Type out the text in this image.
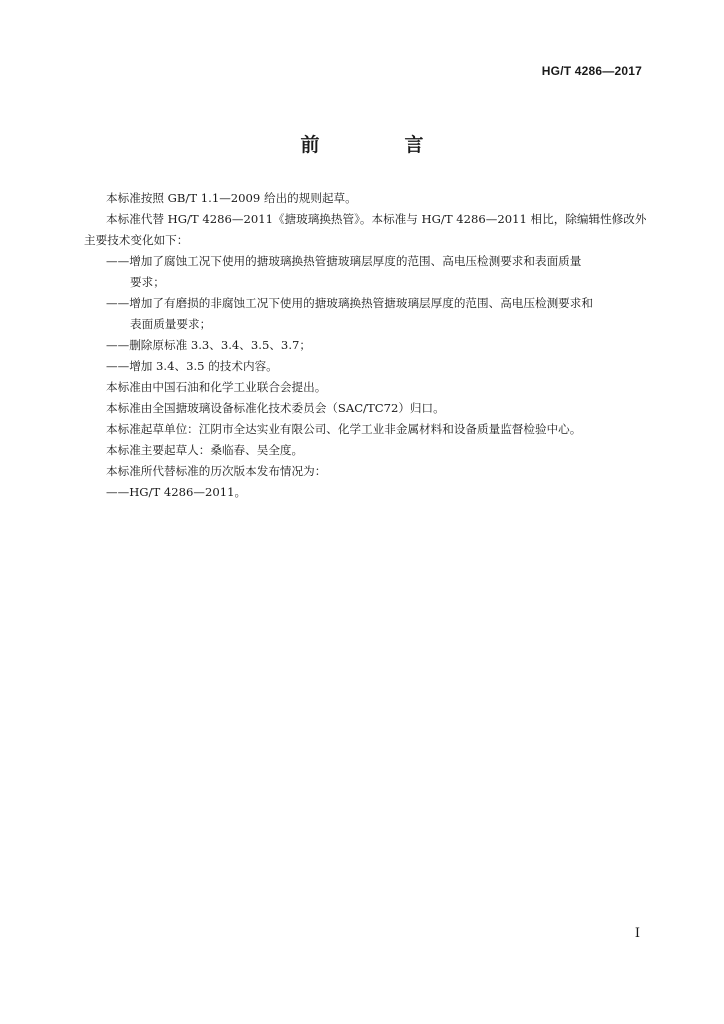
HG/T 4286—2017
前　言

本标准按照 GB/T 1.1—2009 给出的规则起草。

本标准代替 HG/T 4286—2011《搪玻璃换热管》。本标准与 HG/T 4286—2011 相比，除编辑性修改外主要技术变化如下：

——增加了腐蚀工况下使用的搪玻璃换热管搪玻璃层厚度的范围、高电压检测要求和表面质量

要求；

——增加了有磨损的非腐蚀工况下使用的搪玻璃换热管搪玻璃层厚度的范围、高电压检测要求和

表面质量要求；

——删除原标准 3.3、3.4、3.5、3.7；

——增加 3.4、3.5 的技术内容。

本标准由中国石油和化学工业联合会提出。

本标准由全国搪玻璃设备标准化技术委员会（SAC/TC72）归口。

本标准起草单位：江阴市全达实业有限公司、化学工业非金属材料和设备质量监督检验中心。

本标准主要起草人：桑临春、吴全度。

本标准所代替标准的历次版本发布情况为：

——HG/T 4286—2011。

I
